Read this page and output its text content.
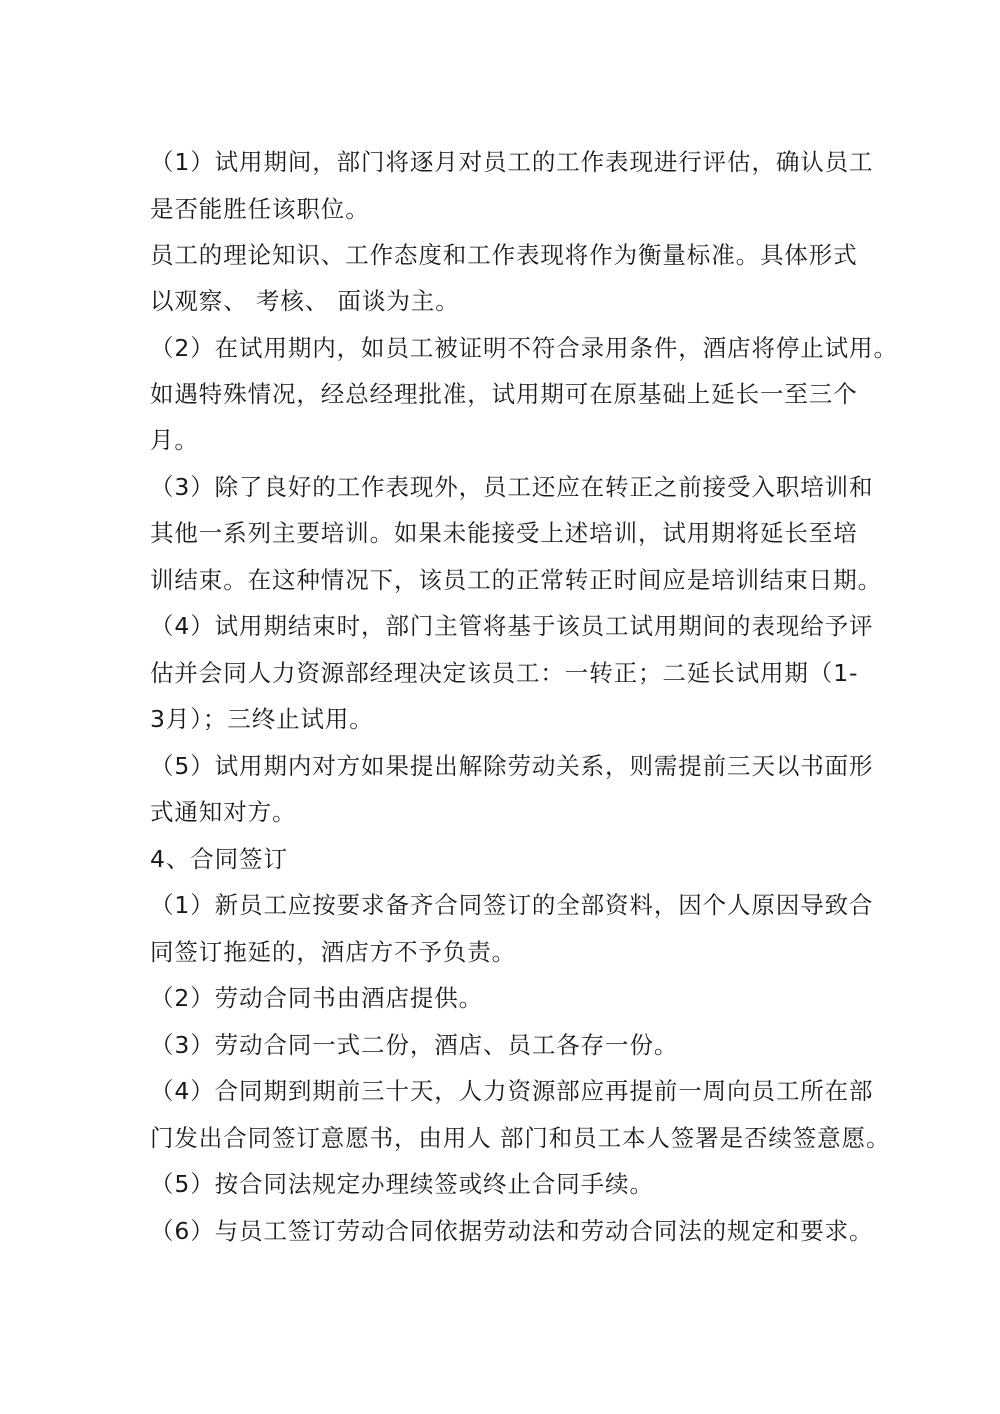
（1）试用期间，部门将逐月对员工的工作表现进行评估，确认员工
是否能胜任该职位。
员工的理论知识、工作态度和工作表现将作为衡量标准。具体形式
以观察、 考核、 面谈为主。
（2）在试用期内，如员工被证明不符合录用条件，酒店将停止试用。
如遇特殊情况，经总经理批准，试用期可在原基础上延长一至三个
月。
（3）除了良好的工作表现外，员工还应在转正之前接受入职培训和
其他一系列主要培训。如果未能接受上述培训，试用期将延长至培
训结束。在这种情况下，该员工的正常转正时间应是培训结束日期。
（4）试用期结束时，部门主管将基于该员工试用期间的表现给予评
估并会同人力资源部经理决定该员工：一转正；二延长试用期（1-
3月）；三终止试用。
（5）试用期内对方如果提出解除劳动关系，则需提前三天以书面形
式通知对方。
4、合同签订
（1）新员工应按要求备齐合同签订的全部资料，因个人原因导致合
同签订拖延的，酒店方不予负责。
（2）劳动合同书由酒店提供。
（3）劳动合同一式二份，酒店、员工各存一份。
（4）合同期到期前三十天，人力资源部应再提前一周向员工所在部
门发出合同签订意愿书，由用人 部门和员工本人签署是否续签意愿。
（5）按合同法规定办理续签或终止合同手续。
（6）与员工签订劳动合同依据劳动法和劳动合同法的规定和要求。
